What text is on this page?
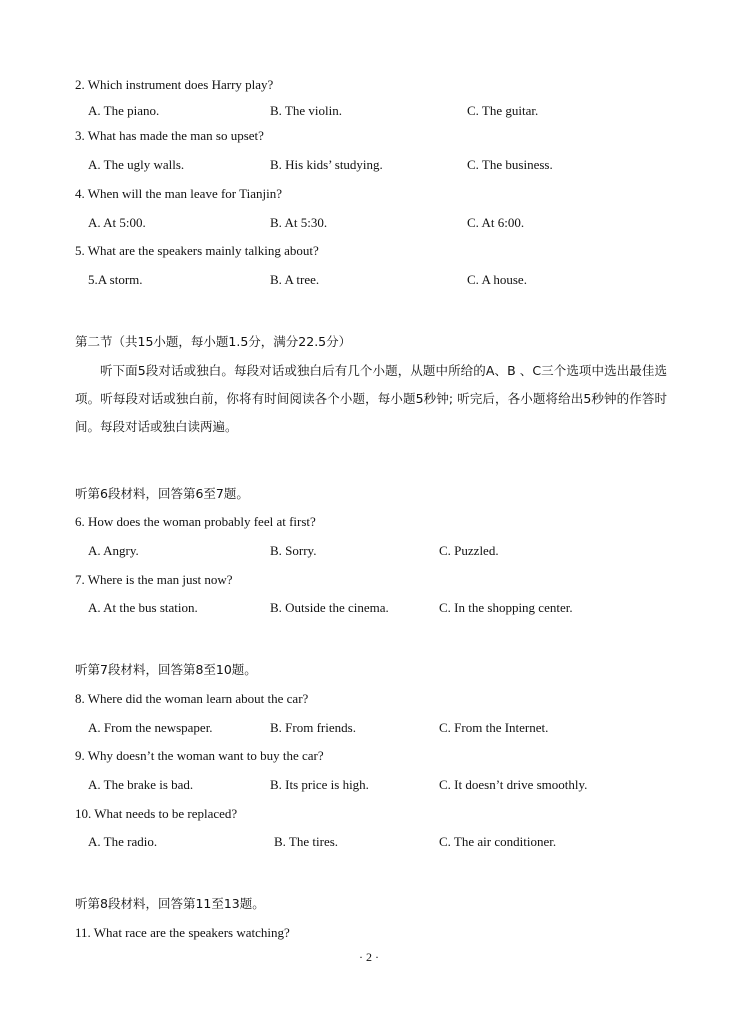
2. Which instrument does Harry play?
A. The piano.	B. The violin.	C. The guitar.
3. What has made the man so upset?
A. The ugly walls.	B. His kids’ studying.	C. The business.
4. When will the man leave for Tianjin?
A. At 5:00.	B. At 5:30.	C. At 6:00.
5. What are the speakers mainly talking about?
5.A storm.	B. A tree.	C. A house.
第二节（共15小题，每小题1.5分，满分22.5分）
听下面5段对话或独白。每段对话或独白后有几个小题，从题中所给的A、B 、C三个选项中选出最佳选项。听每段对话或独白前，你将有时间阅读各个小题，每小题5秒钟; 听完后，各小题将给出5秒钟的作答时间。每段对话或独白读两遍。
听第6段材料，回答第6至7题。
6. How does the woman probably feel at first?
A. Angry.	B. Sorry.	C. Puzzled.
7. Where is the man just now?
A. At the bus station.	B. Outside the cinema.	C. In the shopping center.
听第7段材料，回答第8至10题。
8. Where did the woman learn about the car?
A. From the newspaper.	B. From friends.	C. From the Internet.
9. Why doesn’t the woman want to buy the car?
A. The brake is bad.	B. Its price is high.	C. It doesn’t drive smoothly.
10. What needs to be replaced?
A. The radio.	B. The tires.	C. The air conditioner.
听第8段材料，回答第11至13题。
11. What race are the speakers watching?
· 2 ·
